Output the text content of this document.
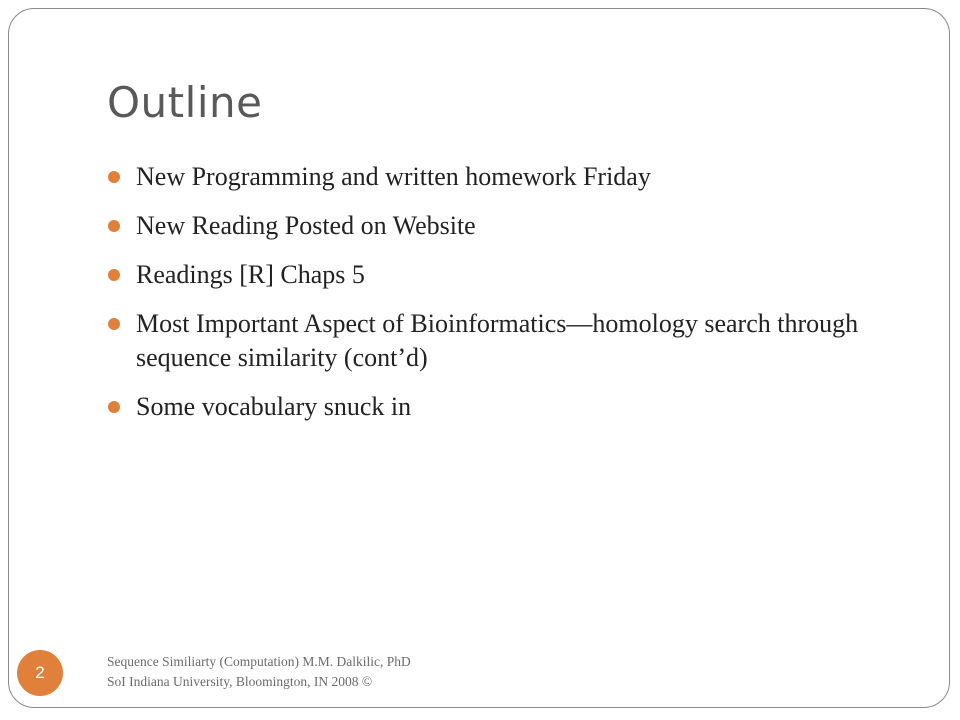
Outline
New Programming and written homework Friday
New Reading Posted on Website
Readings [R] Chaps 5
Most Important Aspect of Bioinformatics—homology search through sequence similarity (cont’d)
Some vocabulary snuck in
2
Sequence Similiarty (Computation) M.M. Dalkilic, PhD
SoI Indiana University, Bloomington, IN 2008 ©
